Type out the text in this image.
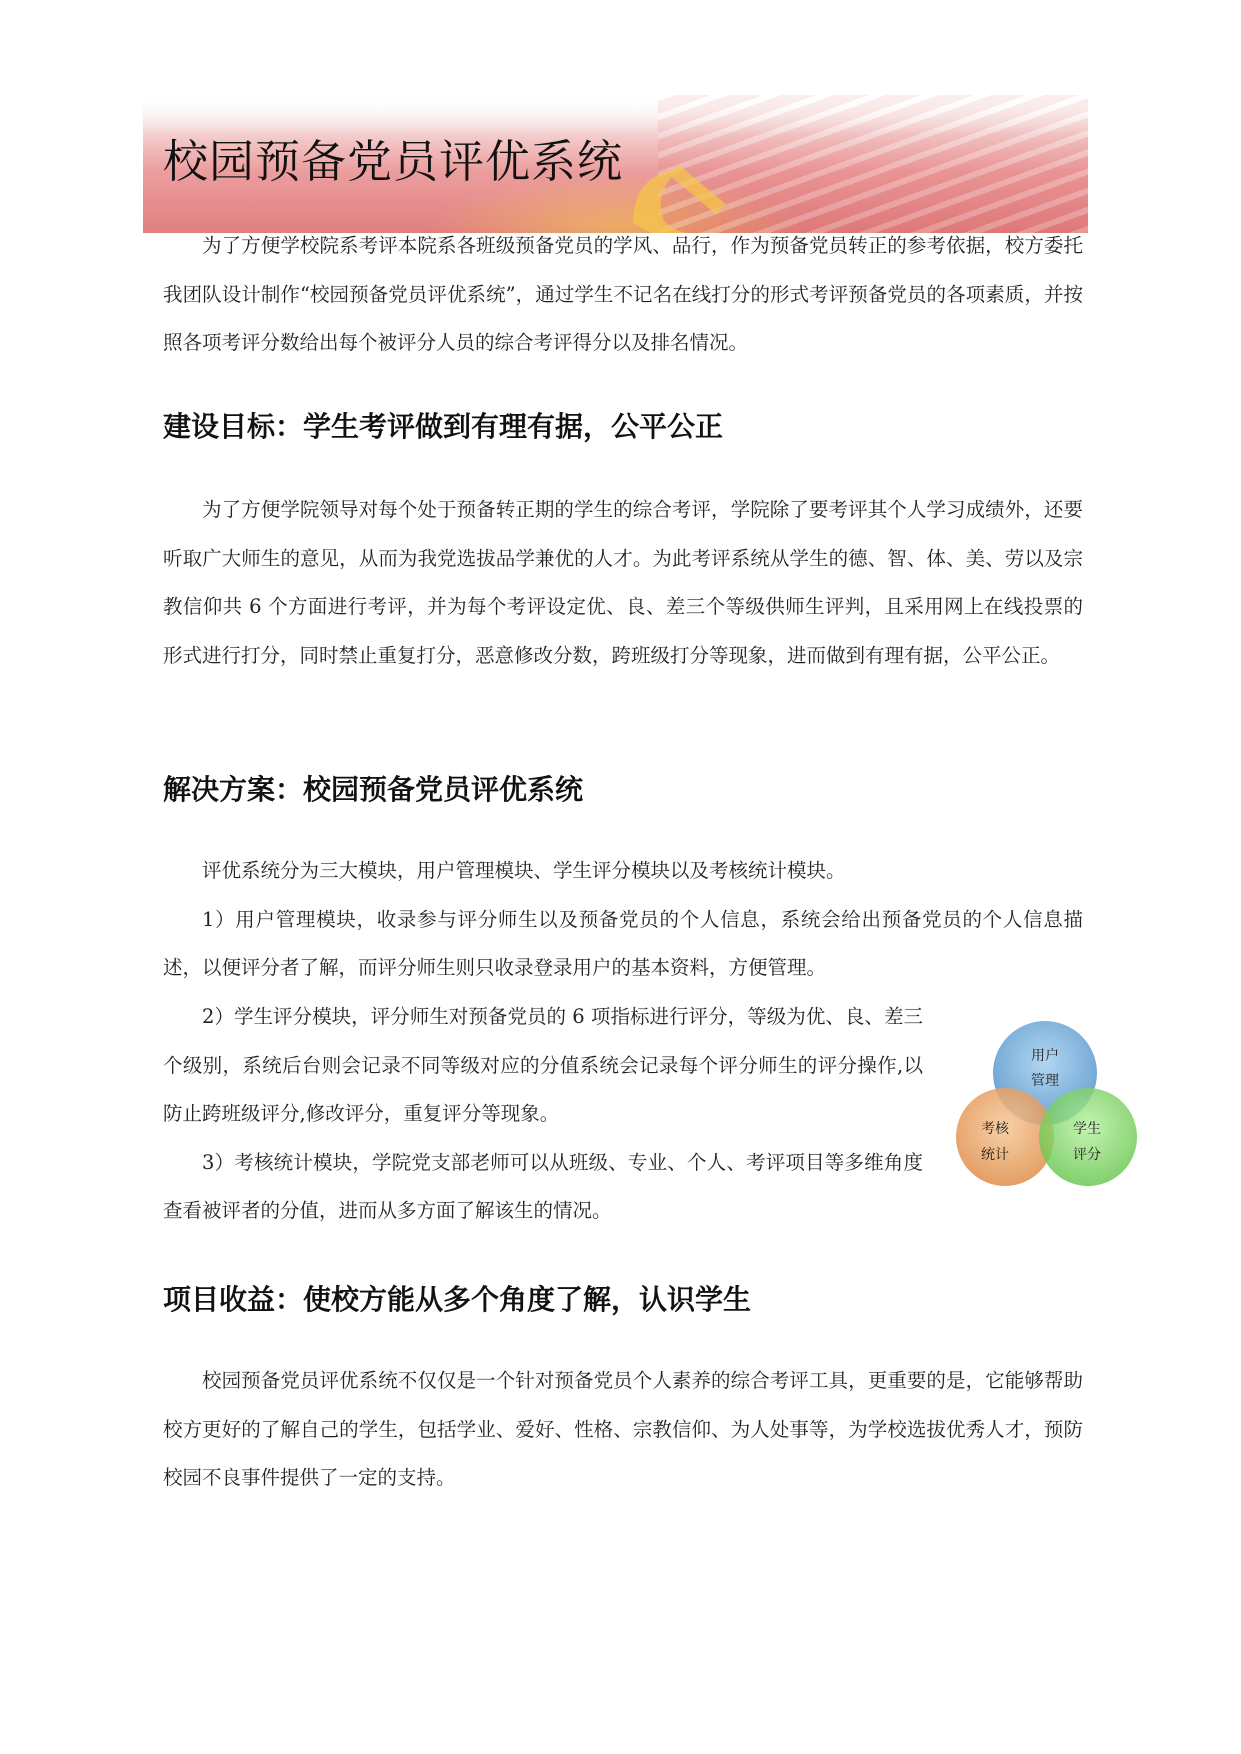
校园预备党员评优系统

为了方便学校院系考评本院系各班级预备党员的学风、品行，作为预备党员转正的参考依据，校方委托我团队设计制作“校园预备党员评优系统”，通过学生不记名在线打分的形式考评预备党员的各项素质，并按照各项考评分数给出每个被评分人员的综合考评得分以及排名情况。

建设目标：学生考评做到有理有据，公平公正

为了方便学院领导对每个处于预备转正期的学生的综合考评，学院除了要考评其个人学习成绩外，还要听取广大师生的意见，从而为我党选拔品学兼优的人才。为此考评系统从学生的德、智、体、美、劳以及宗教信仰共 6 个方面进行考评，并为每个考评设定优、良、差三个等级供师生评判，且采用网上在线投票的形式进行打分，同时禁止重复打分，恶意修改分数，跨班级打分等现象，进而做到有理有据，公平公正。

解决方案：校园预备党员评优系统

评优系统分为三大模块，用户管理模块、学生评分模块以及考核统计模块。

1）用户管理模块，收录参与评分师生以及预备党员的个人信息，系统会给出预备党员的个人信息描述，以便评分者了解，而评分师生则只收录登录用户的基本资料，方便管理。

2）学生评分模块，评分师生对预备党员的 6 项指标进行评分，等级为优、良、差三个级别，系统后台则会记录不同等级对应的分值系统会记录每个评分师生的评分操作,以防止跨班级评分,修改评分，重复评分等现象。

3）考核统计模块，学院党支部老师可以从班级、专业、个人、考评项目等多维角度查看被评者的分值，进而从多方面了解该生的情况。

用户
管理
考核
统计
学生
评分
项目收益：使校方能从多个角度了解，认识学生

校园预备党员评优系统不仅仅是一个针对预备党员个人素养的综合考评工具，更重要的是，它能够帮助校方更好的了解自己的学生，包括学业、爱好、性格、宗教信仰、为人处事等，为学校选拔优秀人才，预防校园不良事件提供了一定的支持。
